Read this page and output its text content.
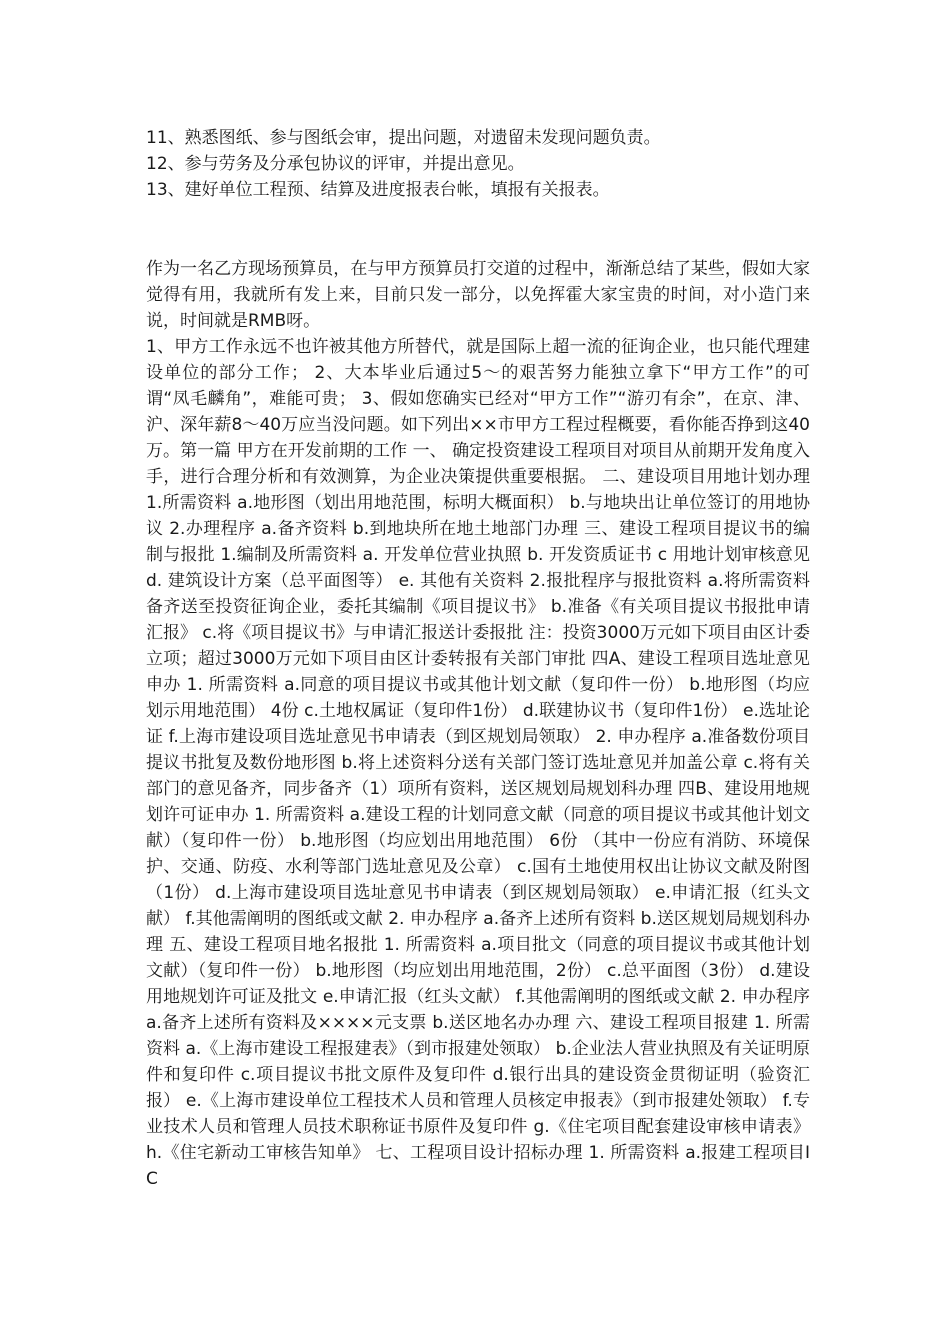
11、熟悉图纸、参与图纸会审，提出问题，对遗留未发现问题负责。

12、参与劳务及分承包协议的评审，并提出意见。

13、建好单位工程预、结算及进度报表台帐，填报有关报表。

作为一名乙方现场预算员，在与甲方预算员打交道的过程中，渐渐总结了某些，假如大家觉得有用，我就所有发上来，目前只发一部分，以免挥霍大家宝贵的时间，对小造门来说，时间就是RMB呀。

1、甲方工作永远不也许被其他方所替代，就是国际上超一流的征询企业，也只能代理建设单位的部分工作； 2、大本毕业后通过5～的艰苦努力能独立拿下“甲方工作”的可谓“凤毛麟角”，难能可贵； 3、假如您确实已经对“甲方工作”“游刃有余”，在京、津、沪、深年薪8～40万应当没问题。如下列出××市甲方工程过程概要，看你能否挣到这40万。第一篇 甲方在开发前期的工作 一、 确定投资建设工程项目对项目从前期开发角度入手，进行合理分析和有效测算，为企业决策提供重要根据。 二、建设项目用地计划办理 1.所需资料 a.地形图（划出用地范围，标明大概面积） b.与地块出让单位签订的用地协议 2.办理程序 a.备齐资料 b.到地块所在地土地部门办理 三、建设工程项目提议书的编制与报批 1.编制及所需资料 a. 开发单位营业执照 b. 开发资质证书 c 用地计划审核意见 d. 建筑设计方案（总平面图等） e. 其他有关资料 2.报批程序与报批资料 a.将所需资料备齐送至投资征询企业，委托其编制《项目提议书》 b.准备《有关项目提议书报批申请汇报》 c.将《项目提议书》与申请汇报送计委报批 注：投资3000万元如下项目由区计委立项；超过3000万元如下项目由区计委转报有关部门审批 四A、建设工程项目选址意见申办 1. 所需资料 a.同意的项目提议书或其他计划文献（复印件一份） b.地形图（均应划示用地范围） 4份 c.土地权属证（复印件1份） d.联建协议书（复印件1份） e.选址论证 f.上海市建设项目选址意见书申请表（到区规划局领取） 2. 申办程序 a.准备数份项目提议书批复及数份地形图 b.将上述资料分送有关部门签订选址意见并加盖公章 c.将有关部门的意见备齐，同步备齐（1）项所有资料，送区规划局规划科办理 四B、建设用地规划许可证申办 1. 所需资料 a.建设工程的计划同意文献（同意的项目提议书或其他计划文献）（复印件一份） b.地形图（均应划出用地范围） 6份 （其中一份应有消防、环境保护、交通、防疫、水利等部门选址意见及公章） c.国有土地使用权出让协议文献及附图（1份） d.上海市建设项目选址意见书申请表（到区规划局领取） e.申请汇报（红头文献） f.其他需阐明的图纸或文献 2. 申办程序 a.备齐上述所有资料 b.送区规划局规划科办理 五、建设工程项目地名报批 1. 所需资料 a.项目批文（同意的项目提议书或其他计划文献）（复印件一份） b.地形图（均应划出用地范围，2份） c.总平面图（3份） d.建设用地规划许可证及批文 e.申请汇报（红头文献） f.其他需阐明的图纸或文献 2. 申办程序 a.备齐上述所有资料及××××元支票 b.送区地名办办理 六、建设工程项目报建 1. 所需资料 a.《上海市建设工程报建表》（到市报建处领取） b.企业法人营业执照及有关证明原件和复印件 c.项目提议书批文原件及复印件 d.银行出具的建设资金贯彻证明（验资汇报） e.《上海市建设单位工程技术人员和管理人员核定申报表》（到市报建处领取） f.专业技术人员和管理人员技术职称证书原件及复印件 g.《住宅项目配套建设审核申请表》 h.《住宅新动工审核告知单》 七、工程项目设计招标办理 1. 所需资料 a.报建工程项目IC
